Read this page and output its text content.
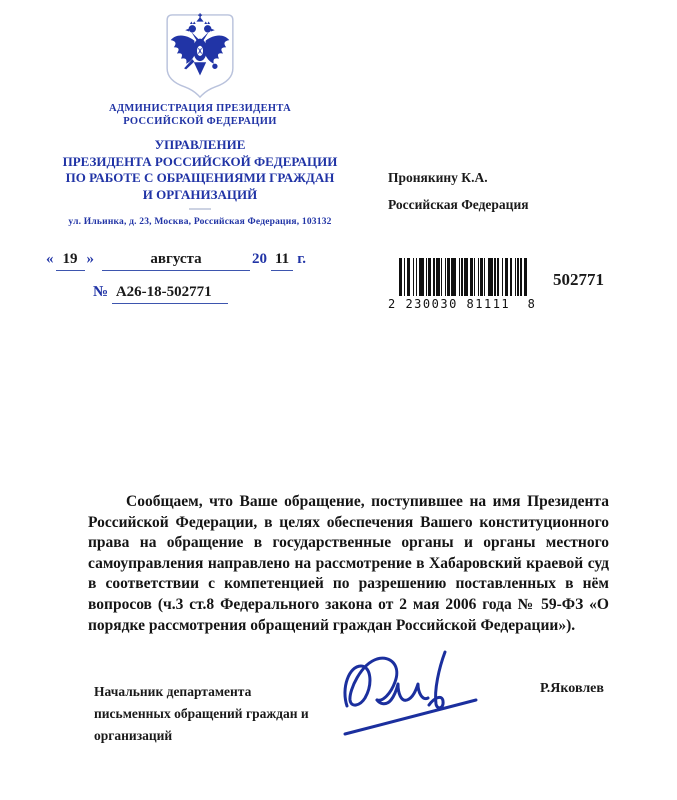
АДМИНИСТРАЦИЯ ПРЕЗИДЕНТА
РОССИЙСКОЙ ФЕДЕРАЦИИ
УПРАВЛЕНИЕ
ПРЕЗИДЕНТА РОССИЙСКОЙ ФЕДЕРАЦИИ
ПО РАБОТЕ С ОБРАЩЕНИЯМИ ГРАЖДАН
И ОРГАНИЗАЦИЙ
ул. Ильинка, д. 23, Москва, Российская Федерация, 103132
« 19 »	августа	20 11 г.
№ А26-18-502771
Пронякину К.А.
Российская Федерация
2 230030 81111  8
502771
Сообщаем, что Ваше обращение, поступившее на имя Президента Российской Федерации, в целях обеспечения Вашего конституционного права на обращение в государственные органы и органы местного самоуправления направлено на рассмотрение в Хабаровский краевой суд в соответствии с компетенцией по разрешению поставленных в нём вопросов (ч.3 ст.8 Федерального закона от 2 мая 2006 года № 59-ФЗ «О порядке рассмотрения обращений граждан Российской Федерации»).
Начальник департамента
письменных обращений граждан и
организаций
Р.Яковлев
